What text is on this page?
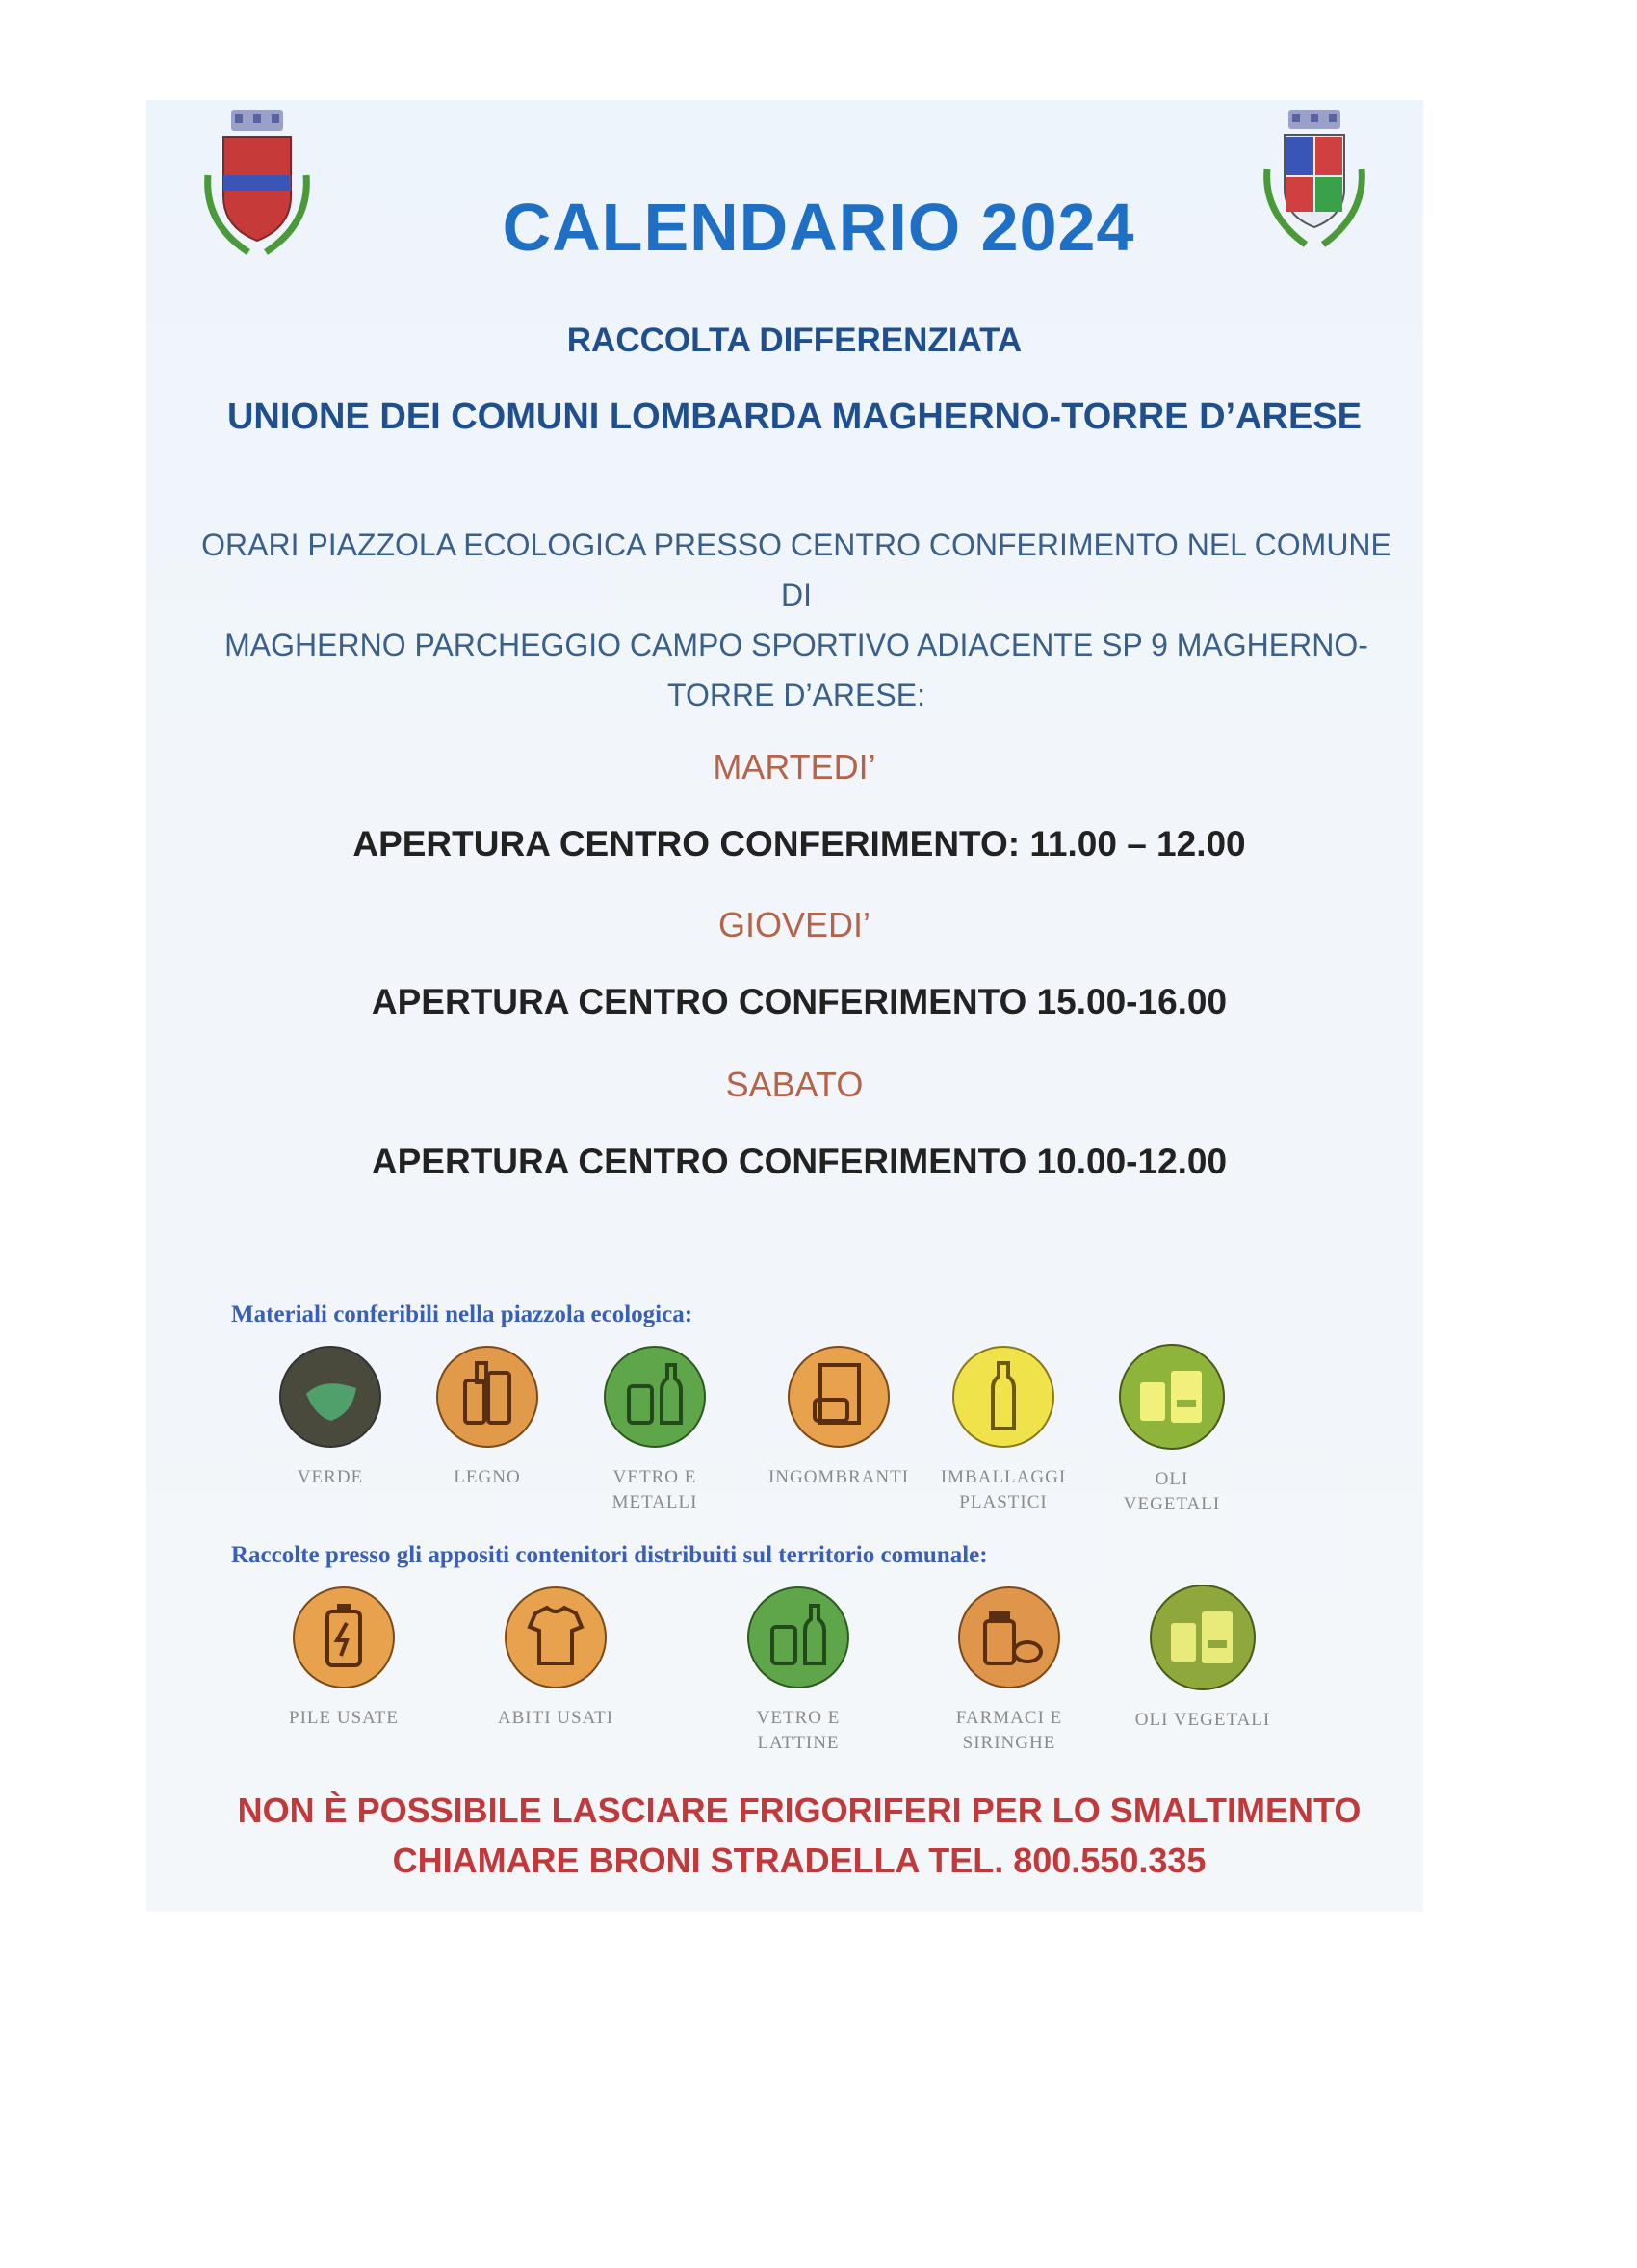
CALENDARIO 2024
RACCOLTA DIFFERENZIATA
UNIONE DEI COMUNI LOMBARDA MAGHERNO-TORRE D’ARESE
ORARI PIAZZOLA ECOLOGICA PRESSO CENTRO CONFERIMENTO NEL COMUNE DI
MAGHERNO PARCHEGGIO CAMPO SPORTIVO ADIACENTE SP 9 MAGHERNO-
TORRE D’ARESE:
MARTEDI’
APERTURA CENTRO CONFERIMENTO: 11.00 – 12.00
GIOVEDI’
APERTURA CENTRO CONFERIMENTO 15.00-16.00
SABATO
APERTURA CENTRO CONFERIMENTO 10.00-12.00
Materiali conferibili nella piazzola ecologica:
VERDE	LEGNO	VETRO E
METALLI
INGOMBRANTI	IMBALLAGGI
PLASTICI
OLI
VEGETALI
Raccolte presso gli appositi contenitori distribuiti sul territorio comunale:
PILE USATE	ABITI USATI	VETRO E
LATTINE
FARMACI E
SIRINGHE
OLI VEGETALI
NON È POSSIBILE LASCIARE FRIGORIFERI PER LO SMALTIMENTO
CHIAMARE BRONI STRADELLA TEL. 800.550.335
